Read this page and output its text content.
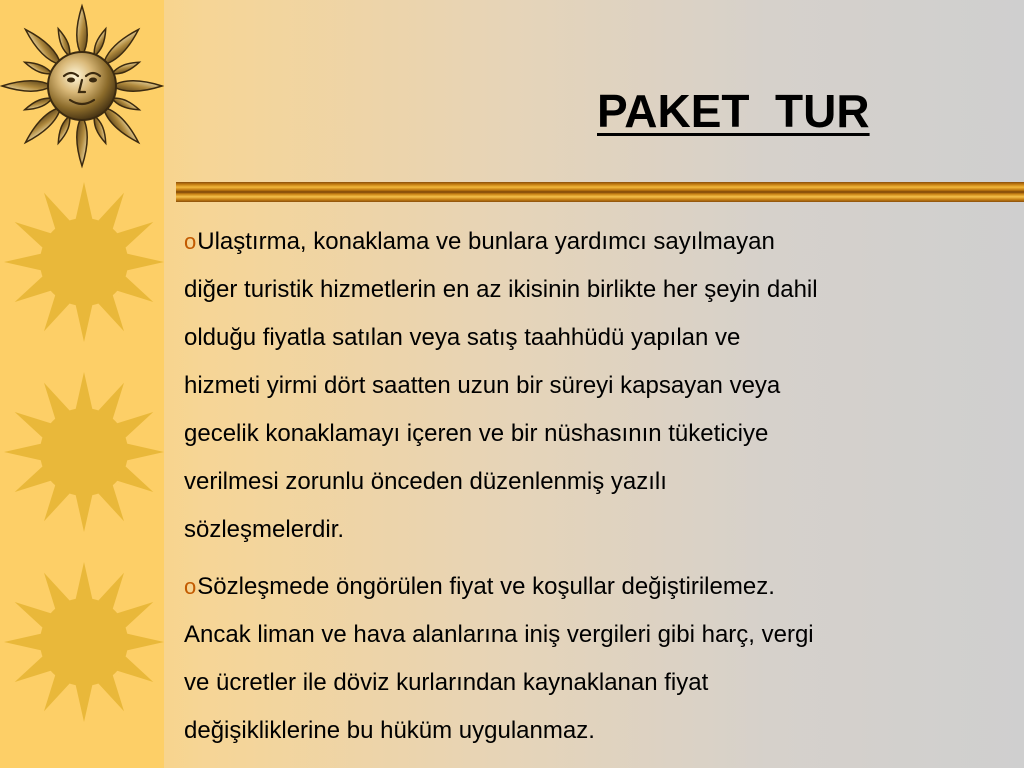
PAKET  TUR
oUlaştırma, konaklama ve bunlara yardımcı sayılmayan
diğer turistik hizmetlerin en az ikisinin birlikte her şeyin dahil
olduğu fiyatla satılan veya satış taahhüdü yapılan ve
hizmeti yirmi dört saatten uzun bir süreyi kapsayan veya
gecelik konaklamayı içeren ve bir nüshasının tüketiciye
verilmesi zorunlu önceden düzenlenmiş yazılı
sözleşmelerdir.
oSözleşmede öngörülen fiyat ve koşullar değiştirilemez.
Ancak liman ve hava alanlarına iniş vergileri gibi harç, vergi
ve ücretler ile döviz kurlarından kaynaklanan fiyat
değişikliklerine bu hüküm uygulanmaz.
